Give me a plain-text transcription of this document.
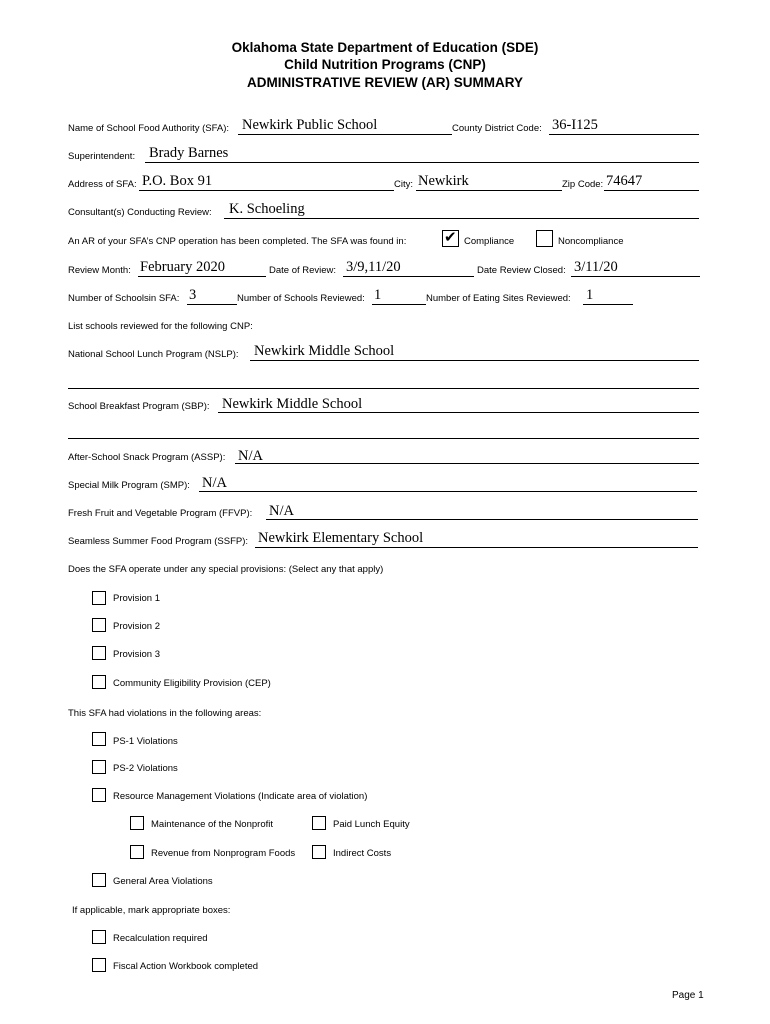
Oklahoma State Department of Education (SDE)
Child Nutrition Programs (CNP)
ADMINISTRATIVE REVIEW (AR) SUMMARY
Name of School Food Authority (SFA): Newkirk Public School	County District Code: 36-I125
Superintendent: Brady Barnes
Address of SFA: P.O. Box 91	City: Newkirk	Zip Code: 74647
Consultant(s) Conducting Review: K. Schoeling
An AR of your SFA’s CNP operation has been completed. The SFA was found in:	✔ Compliance	Noncompliance
Review Month: February 2020	Date of Review: 3/9,11/20	Date Review Closed: 3/11/20
Number of Schoolsin SFA: 3	Number of Schools Reviewed: 1	Number of Eating Sites Reviewed: 1
List schools reviewed for the following CNP:
National School Lunch Program (NSLP): Newkirk Middle School
School Breakfast Program (SBP): Newkirk Middle School
After-School Snack Program (ASSP): N/A
Special Milk Program (SMP): N/A
Fresh Fruit and Vegetable Program (FFVP): N/A
Seamless Summer Food Program (SSFP): Newkirk Elementary School
Does the SFA operate under any special provisions: (Select any that apply)
Provision 1
Provision 2
Provision 3
Community Eligibility Provision (CEP)
This SFA had violations in the following areas:
PS-1 Violations
PS-2 Violations
Resource Management Violations (Indicate area of violation)
Maintenance of the Nonprofit	Paid Lunch Equity
Revenue from Nonprogram Foods	Indirect Costs
General Area Violations
If applicable, mark appropriate boxes:
Recalculation required
Fiscal Action Workbook completed
Page 1
